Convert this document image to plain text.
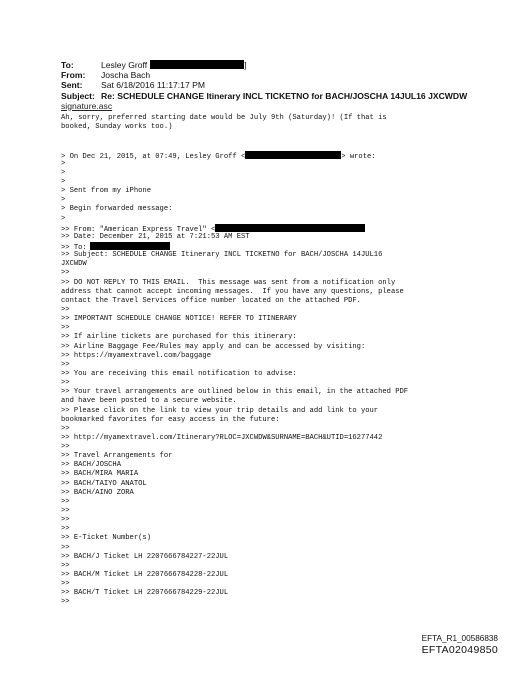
To:	Lesley Groff	]
From:	Joscha Bach
Sent:	Sat 6/18/2016 11:17:17 PM
Subject: Re: SCHEDULE CHANGE Itinerary INCL TICKETNO for BACH/JOSCHA 14JUL16 JXCWDW
signature.asc
Ah, sorry, preferred starting date would be July 9th (Saturday)! (If that is
booked, Sunday works too.)
> On Dec 21, 2015, at 07:49, Lesley Groff <	> wrote:
>
>
>
> Sent from my iPhone
>
> Begin forwarded message:
>
>> From: "American Express Travel" <
>> Date: December 21, 2015 at 7:21:53 AM EST
>> To:
>> Subject: SCHEDULE CHANGE Itinerary INCL TICKETNO for BACH/JOSCHA 14JUL16
JXCWDW
>>
>> DO NOT REPLY TO THIS EMAIL.  This message was sent from a notification only
address that cannot accept incoming messages.  If you have any questions, please
contact the Travel Services office number located on the attached PDF.
>>
>> IMPORTANT SCHEDULE CHANGE NOTICE! REFER TO ITINERARY
>>
>> If airline tickets are purchased for this itinerary:
>> Airline Baggage Fee/Rules may apply and can be accessed by visiting:
>> https://myamextravel.com/baggage
>>
>> You are receiving this email notification to advise:
>>
>> Your travel arrangements are outlined below in this email, in the attached PDF
and have been posted to a secure website.
>> Please click on the link to view your trip details and add link to your
bookmarked favorites for easy access in the future:
>>
>> http://myamextravel.com/Itinerary?RLOC=JXCWDW&SURNAME=BACH&UTID=16277442
>>
>> Travel Arrangements for
>> BACH/JOSCHA
>> BACH/MIRA MARIA
>> BACH/TAIYO ANATOL
>> BACH/AINO ZORA
>>
>>
>>
>>
>> E-Ticket Number(s)
>>
>> BACH/J Ticket LH 2207666784227-22JUL
>>
>> BACH/M Ticket LH 2207666784228-22JUL
>>
>> BACH/T Ticket LH 2207666784229-22JUL
>>
EFTA_R1_00586838
EFTA02049850
